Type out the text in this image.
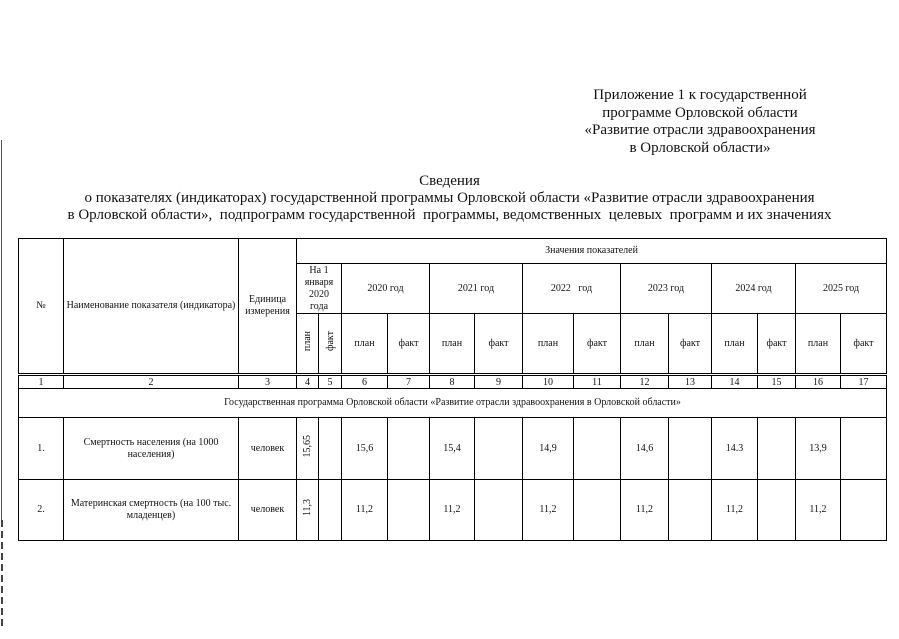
Приложение 1 к государственной
программе Орловской области
«Развитие отрасли здравоохранения
в Орловской области»
Сведения
о показателях (индикаторах) государственной программы Орловской области «Развитие отрасли здравоохранения
в Орловской области»,  подпрограмм государственной  программы, ведомственных  целевых  программ и их значениях
№	Наименование показателя (индикатора)	Единица измерения	Значения показателей													

			На 1
января
2020
года		2020 год		2021 год		2022   год		2023 год		2024 год		2025 год	
			план	факт	план	факт	план	факт	план	факт	план	факт	план	факт	план	факт
1	2	3	4	5	6	7	8	9	10	11	12	13	14	15	16	17
Государственная программа Орловской области «Развитие отрасли здравоохранения в Орловской области»																
1.	Смертность населения (на 1000 населения)	человек	15,65		15,6		15,4		14,9		14,6		14.3		13,9	
2.	Материнская смертность (на 100 тыс. младенцев)	человек	11,3		11,2		11,2		11,2		11,2		11,2		11,2	
